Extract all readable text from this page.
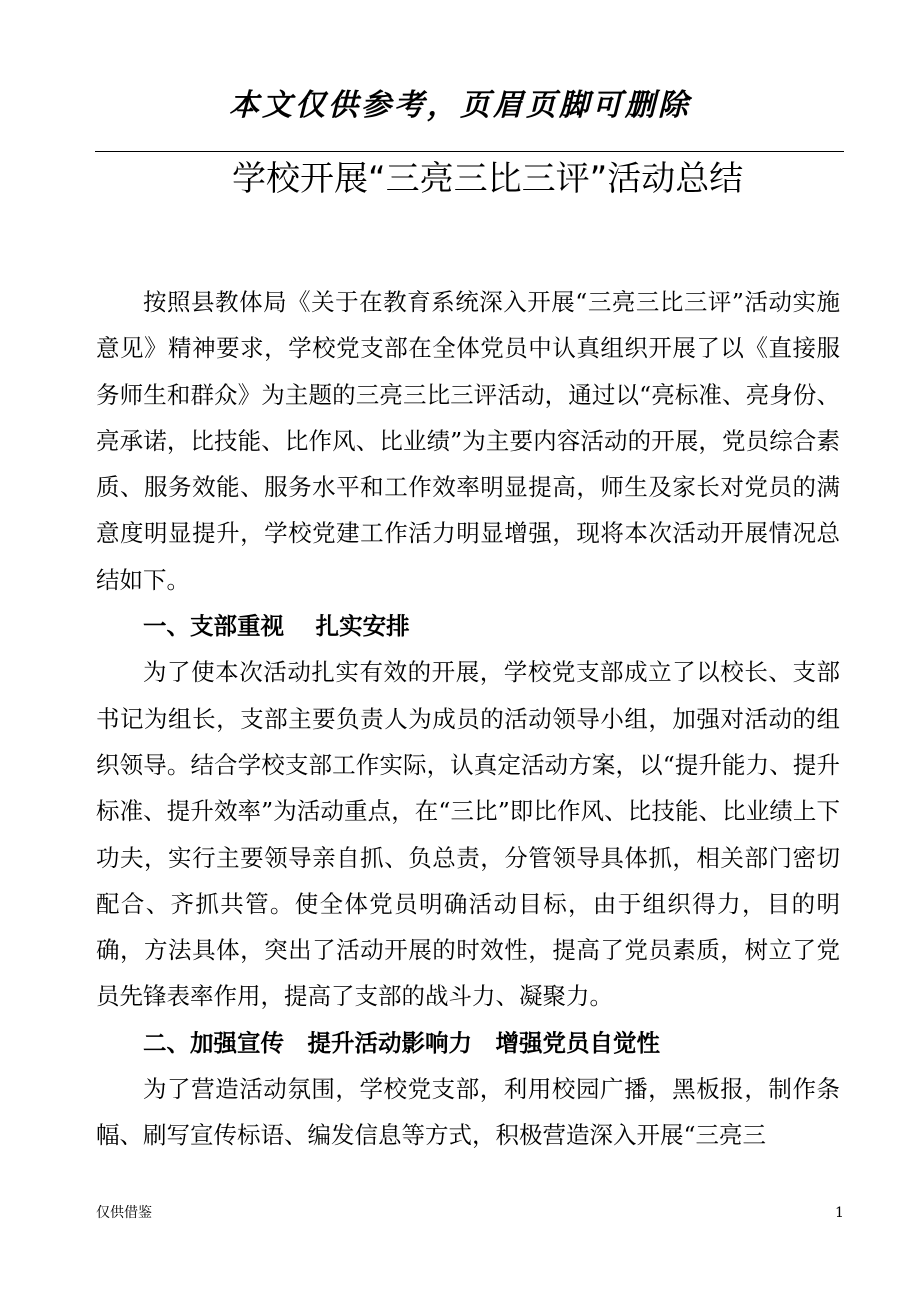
本文仅供参考，页眉页脚可删除
学校开展“三亮三比三评”活动总结

按照县教体局《关于在教育系统深入开展“三亮三比三评”活动实施意见》精神要求，学校党支部在全体党员中认真组织开展了以《直接服务师生和群众》为主题的三亮三比三评活动，通过以“亮标准、亮身份、亮承诺，比技能、比作风、比业绩”为主要内容活动的开展，党员综合素质、服务效能、服务水平和工作效率明显提高，师生及家长对党员的满意度明显提升，学校党建工作活力明显增强，现将本次活动开展情况总结如下。

一、支部重视　 扎实安排

为了使本次活动扎实有效的开展，学校党支部成立了以校长、支部书记为组长，支部主要负责人为成员的活动领导小组，加强对活动的组织领导。结合学校支部工作实际，认真定活动方案，以“提升能力、提升标准、提升效率”为活动重点，在“三比”即比作风、比技能、比业绩上下功夫，实行主要领导亲自抓、负总责，分管领导具体抓，相关部门密切配合、齐抓共管。使全体党员明确活动目标，由于组织得力，目的明确，方法具体，突出了活动开展的时效性，提高了党员素质，树立了党员先锋表率作用，提高了支部的战斗力、凝聚力。

二、加强宣传　提升活动影响力　增强党员自觉性

为了营造活动氛围，学校党支部，利用校园广播，黑板报，制作条幅、刷写宣传标语、编发信息等方式，积极营造深入开展“三亮三

仅供借鉴	1
